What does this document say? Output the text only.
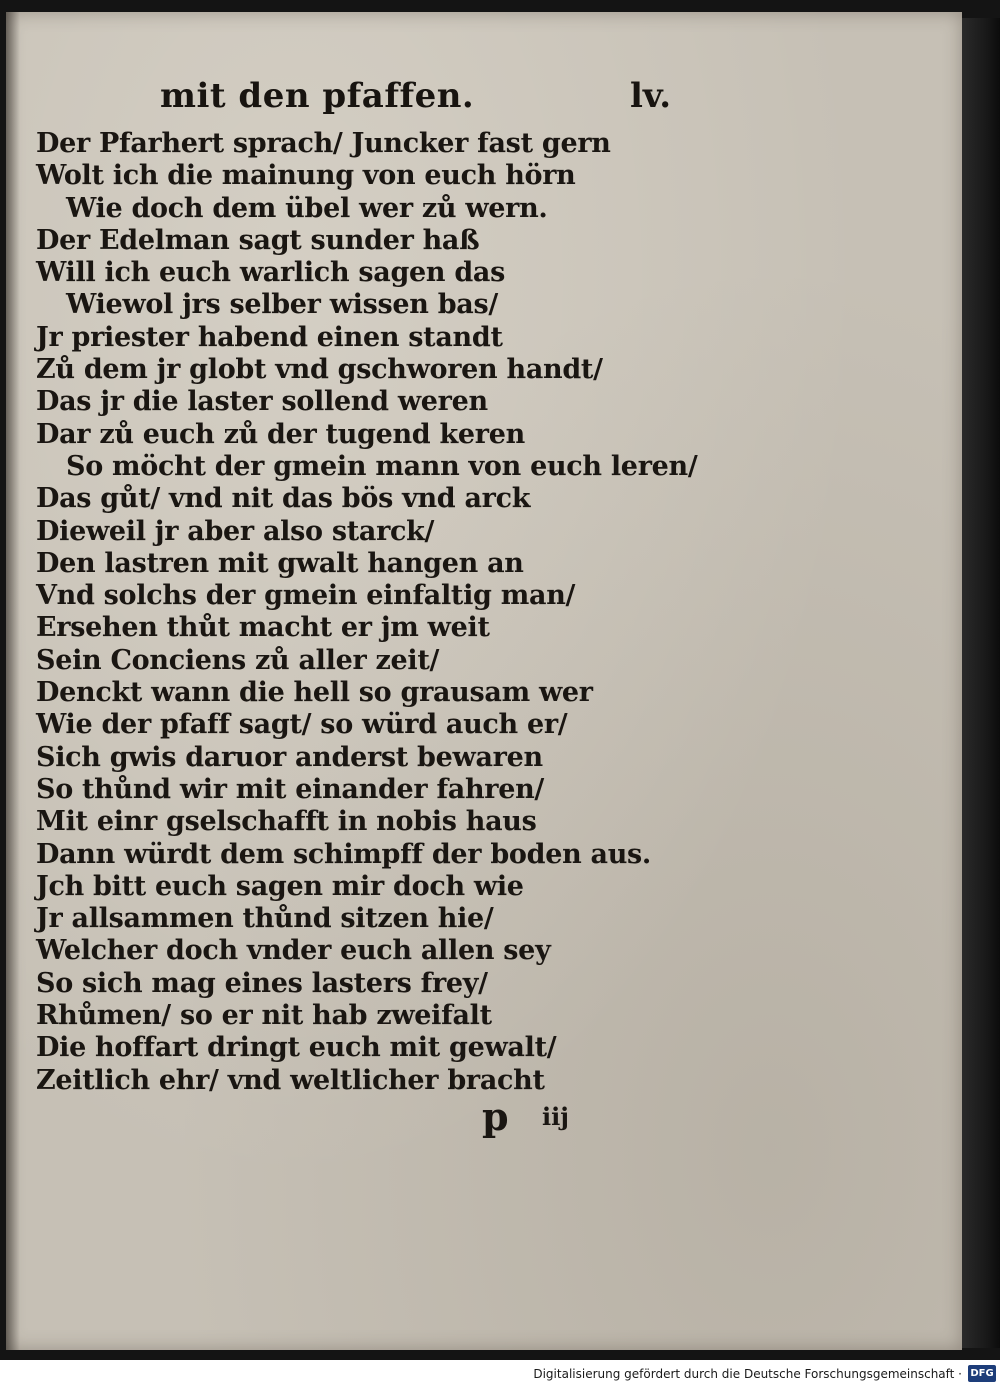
mit den pfaffen.	lv.
Der Pfarhert sprach/ Juncker fast gern
Wolt ich die mainung von euch hörn
Wie doch dem übel wer zů wern.
Der Edelman sagt sunder haß
Will ich euch warlich sagen das
Wiewol jrs selber wissen bas/
Jr priester habend einen standt
Zů dem jr globt vnd gschworen handt/
Das jr die laster sollend weren
Dar zů euch zů der tugend keren
So möcht der gmein mann von euch leren/
Das gůt/ vnd nit das bös vnd arck
Dieweil jr aber also starck/
Den lastren mit gwalt hangen an
Vnd solchs der gmein einfaltig man/
Ersehen thůt macht er jm weit
Sein Conciens zů aller zeit/
Denckt wann die hell so grausam wer
Wie der pfaff sagt/ so würd auch er/
Sich gwis daruor anderst bewaren
So thůnd wir mit einander fahren/
Mit einr gselschafft in nobis haus
Dann würdt dem schimpff der boden aus.
Jch bitt euch sagen mir doch wie
Jr allsammen thůnd sitzen hie/
Welcher doch vnder euch allen sey
So sich mag eines lasters frey/
Rhůmen/ so er nit hab zweifalt
Die hoffart dringt euch mit gewalt/
Zeitlich ehr/ vnd weltlicher bracht
p iij
Digitalisierung gefördert durch die Deutsche Forschungsgemeinschaft · DFG
